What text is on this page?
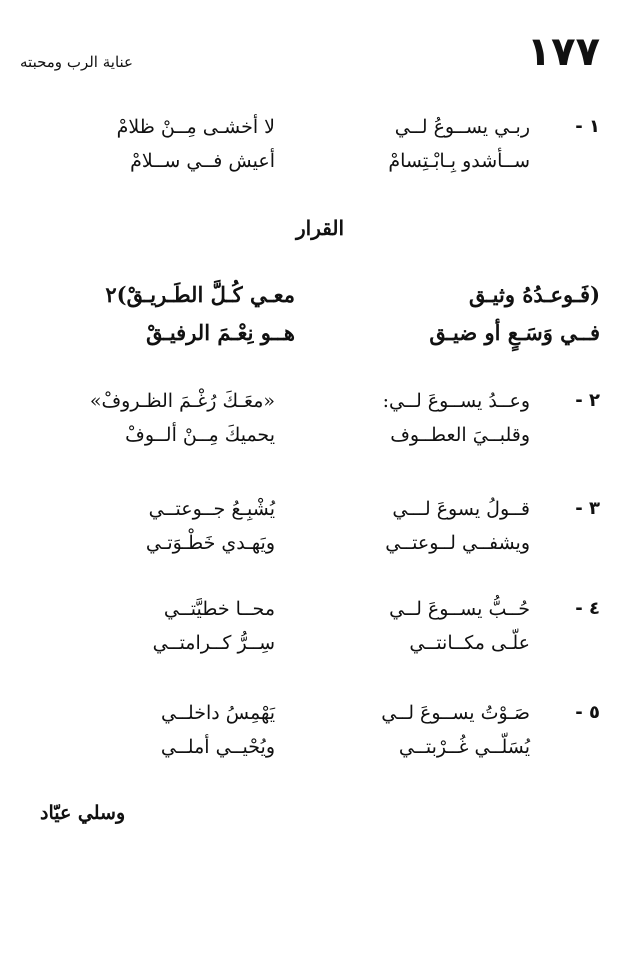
١٧٧
عناية الرب ومحبته
١ -
ربـي يســوعُ لــي
لا أخشـى مِــنْ ظلامْ
ســأشدو بِـابْـتِسامْ
أعيش فــي ســلامْ
القرار
(فَـوعـدُهُ وثيـق
معـي كُـلَّ الطَـريـقْ)٢
فــي وَسَـعٍ أو ضيـق
هــو نِعْـمَ الرفيـقْ
٢ -
وعــدُ يســوعَ لــي:
«معَـكَ رُغْـمَ الظـروفْ»
وقلبــيَ العطــوف
يحميكَ مِــنْ ألــوفْ
٣ -
قــولُ يسوعَ لـــي
يُشْبِـعُ جــوعتــي
ويشفــي لــوعتــي
ويَهـدي خَطْـوَتـي
٤ -
حُــبُّ يســوعَ لــي
محــا خطيَّتــي
علّـى مكــانتــي
سِــرُّ كــرامتــي
٥ -
صَـوْتُ يســوعَ لــي
يَهْمِسُ داخلــي
يُسَلّــي غُــرْبتــي
ويُحْيــي أملــي
وسلي عيّاد
